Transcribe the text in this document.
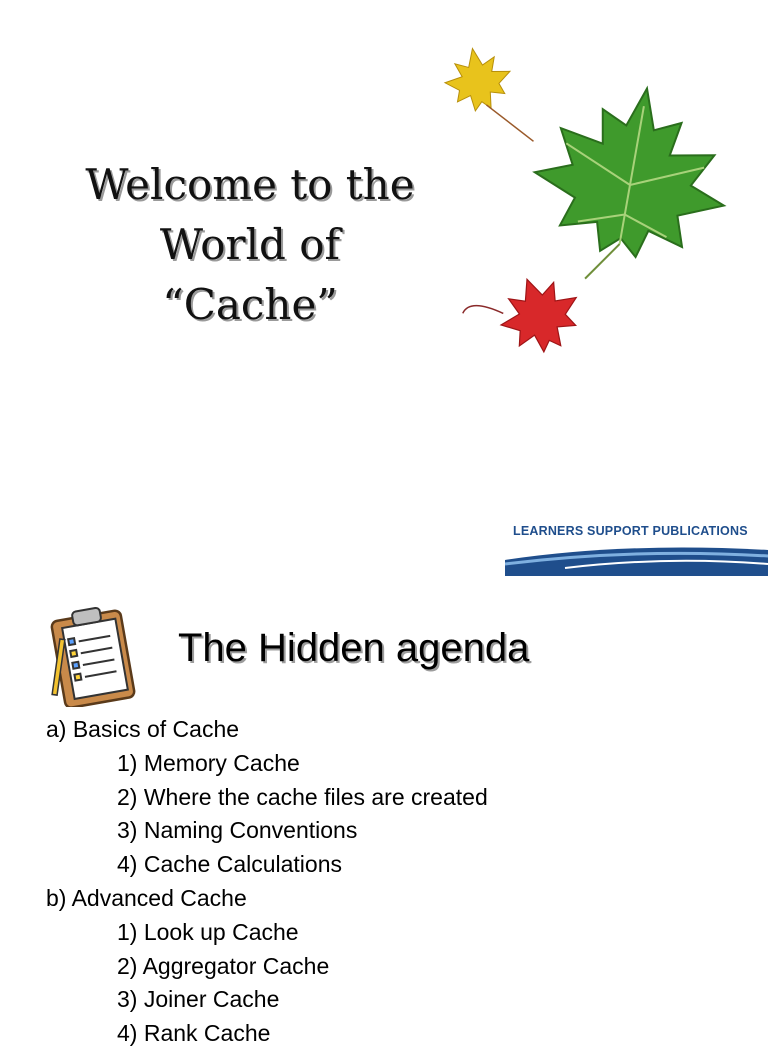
Welcome to the
World of
“Cache”
LEARNERS SUPPORT PUBLICATIONS
The Hidden agenda
a) Basics of Cache
1) Memory Cache
2) Where the cache files are created
3) Naming Conventions
4) Cache Calculations
b) Advanced Cache
1) Look up Cache
2) Aggregator Cache
3) Joiner Cache
4) Rank Cache
